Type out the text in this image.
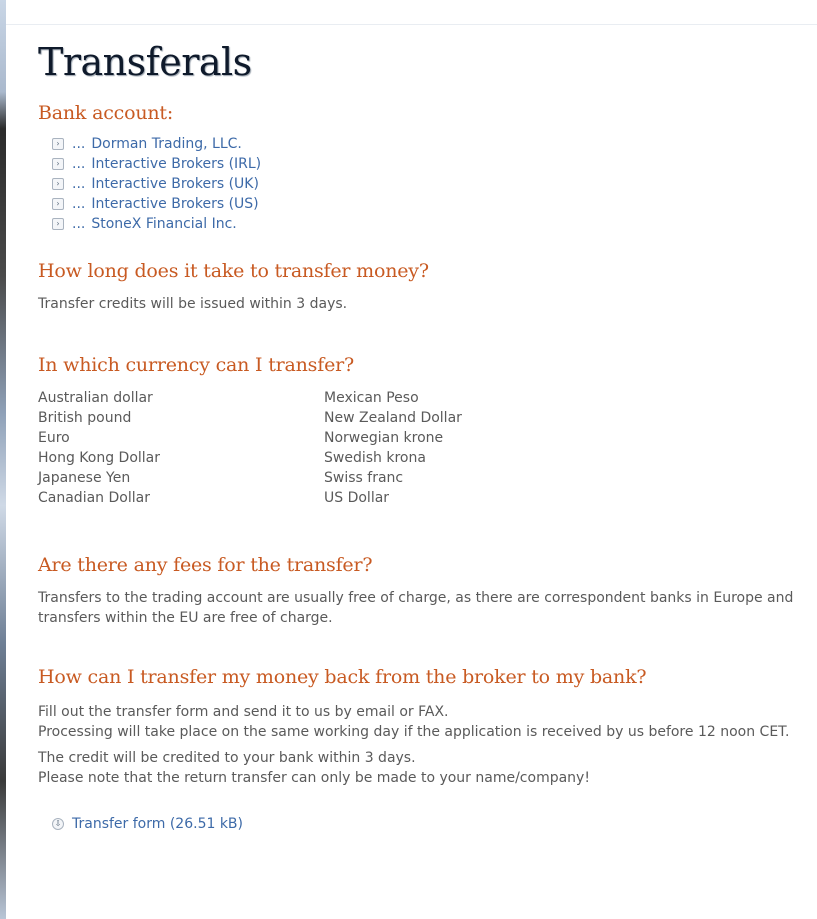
Transferals
Bank account:
› ... Dorman Trading, LLC.
› ... Interactive Brokers (IRL)
› ... Interactive Brokers (UK)
› ... Interactive Brokers (US)
› ... StoneX Financial Inc.
How long does it take to transfer money?

Transfer credits will be issued within 3 days.

In which currency can I transfer?
Australian dollar
British pound
Euro
Hong Kong Dollar
Japanese Yen
Canadian Dollar
Mexican Peso
New Zealand Dollar
Norwegian krone
Swedish krona
Swiss franc
US Dollar
Are there any fees for the transfer?

Transfers to the trading account are usually free of charge, as there are correspondent banks in Europe and transfers within the EU are free of charge.

How can I transfer my money back from the broker to my bank?

Fill out the transfer form and send it to us by email or FAX.

Processing will take place on the same working day if the application is received by us before 12 noon CET.

The credit will be credited to your bank within 3 days.

Please note that the return transfer can only be made to your name/company!

⇩ Transfer form (26.51 kB)
